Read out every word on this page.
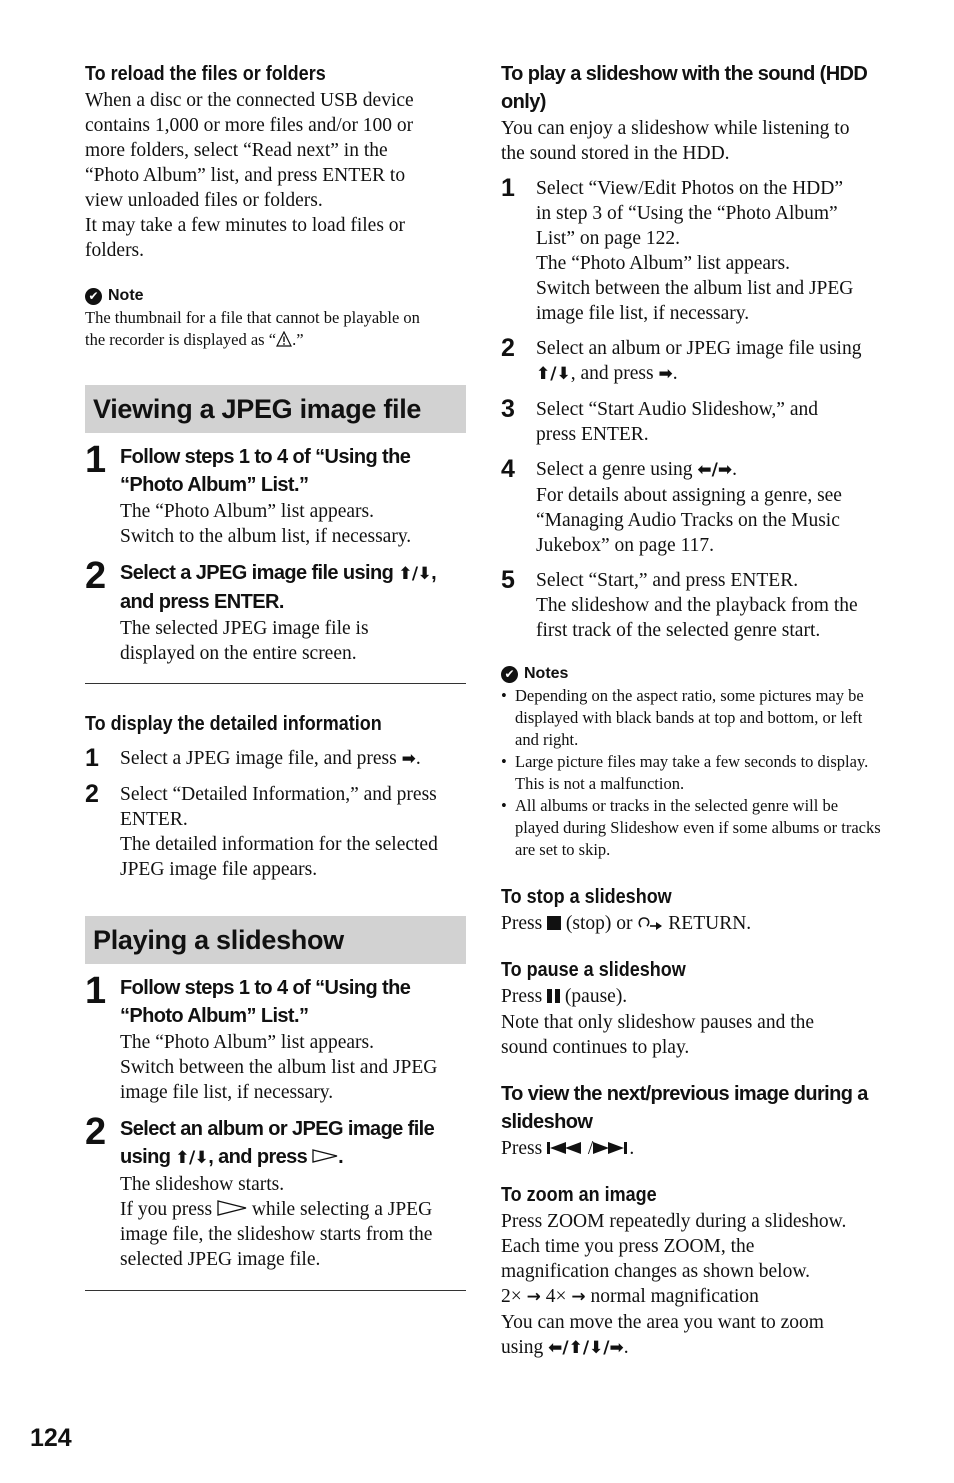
To reload the files or folders
When a disc or the connected USB device
contains 1,000 or more files and/or 100 or
more folders, select “Read next” in the
“Photo Album” list, and press ENTER to
view unloaded files or folders.
It may take a few minutes to load files or
folders.
✔ Note
The thumbnail for a file that cannot be playable on
the recorder is displayed as “ .”
Viewing a JPEG image file
1 Follow steps 1 to 4 of “Using the “Photo Album” List.”
The “Photo Album” list appears.
Switch to the album list, if necessary.
2 Select a JPEG image file using ⬆/⬇, and press ENTER.
The selected JPEG image file is
displayed on the entire screen.
To display the detailed information
1	Select a JPEG image file, and press ➡.
2	Select “Detailed Information,” and press
ENTER.
The detailed information for the selected
JPEG image file appears.
Playing a slideshow
1 Follow steps 1 to 4 of “Using the “Photo Album” List.”
The “Photo Album” list appears.
Switch between the album list and JPEG
image file list, if necessary.
2 Select an album or JPEG image file using ⬆/⬇, and press .
The slideshow starts.
If you press  while selecting a JPEG
image file, the slideshow starts from the
selected JPEG image file.
To play a slideshow with the sound (HDD only)
You can enjoy a slideshow while listening to
the sound stored in the HDD.
1	Select “View/Edit Photos on the HDD”
in step 3 of “Using the “Photo Album”
List” on page 122.
The “Photo Album” list appears.
Switch between the album list and JPEG
image file list, if necessary.
2	Select an album or JPEG image file using
⬆/⬇, and press ➡.
3	Select “Start Audio Slideshow,” and
press ENTER.
4	Select a genre using ⬅/➡.
For details about assigning a genre, see
“Managing Audio Tracks on the Music
Jukebox” on page 117.
5	Select “Start,” and press ENTER.
The slideshow and the playback from the
first track of the selected genre start.
✔ Notes
• Depending on the aspect ratio, some pictures may be displayed with black bands at top and bottom, or left and right.
• Large picture files may take a few seconds to display. This is not a malfunction.
• All albums or tracks in the selected genre will be played during Slideshow even if some albums or tracks are set to skip.
To stop a slideshow
Press  (stop) or  RETURN.
To pause a slideshow
Press  (pause).
Note that only slideshow pauses and the
sound continues to play.
To view the next/previous image during a slideshow
Press  / .
To zoom an image
Press ZOOM repeatedly during a slideshow.
Each time you press ZOOM, the
magnification changes as shown below.
2× → 4× → normal magnification
You can move the area you want to zoom
using ⬅/⬆/⬇/➡.
124
